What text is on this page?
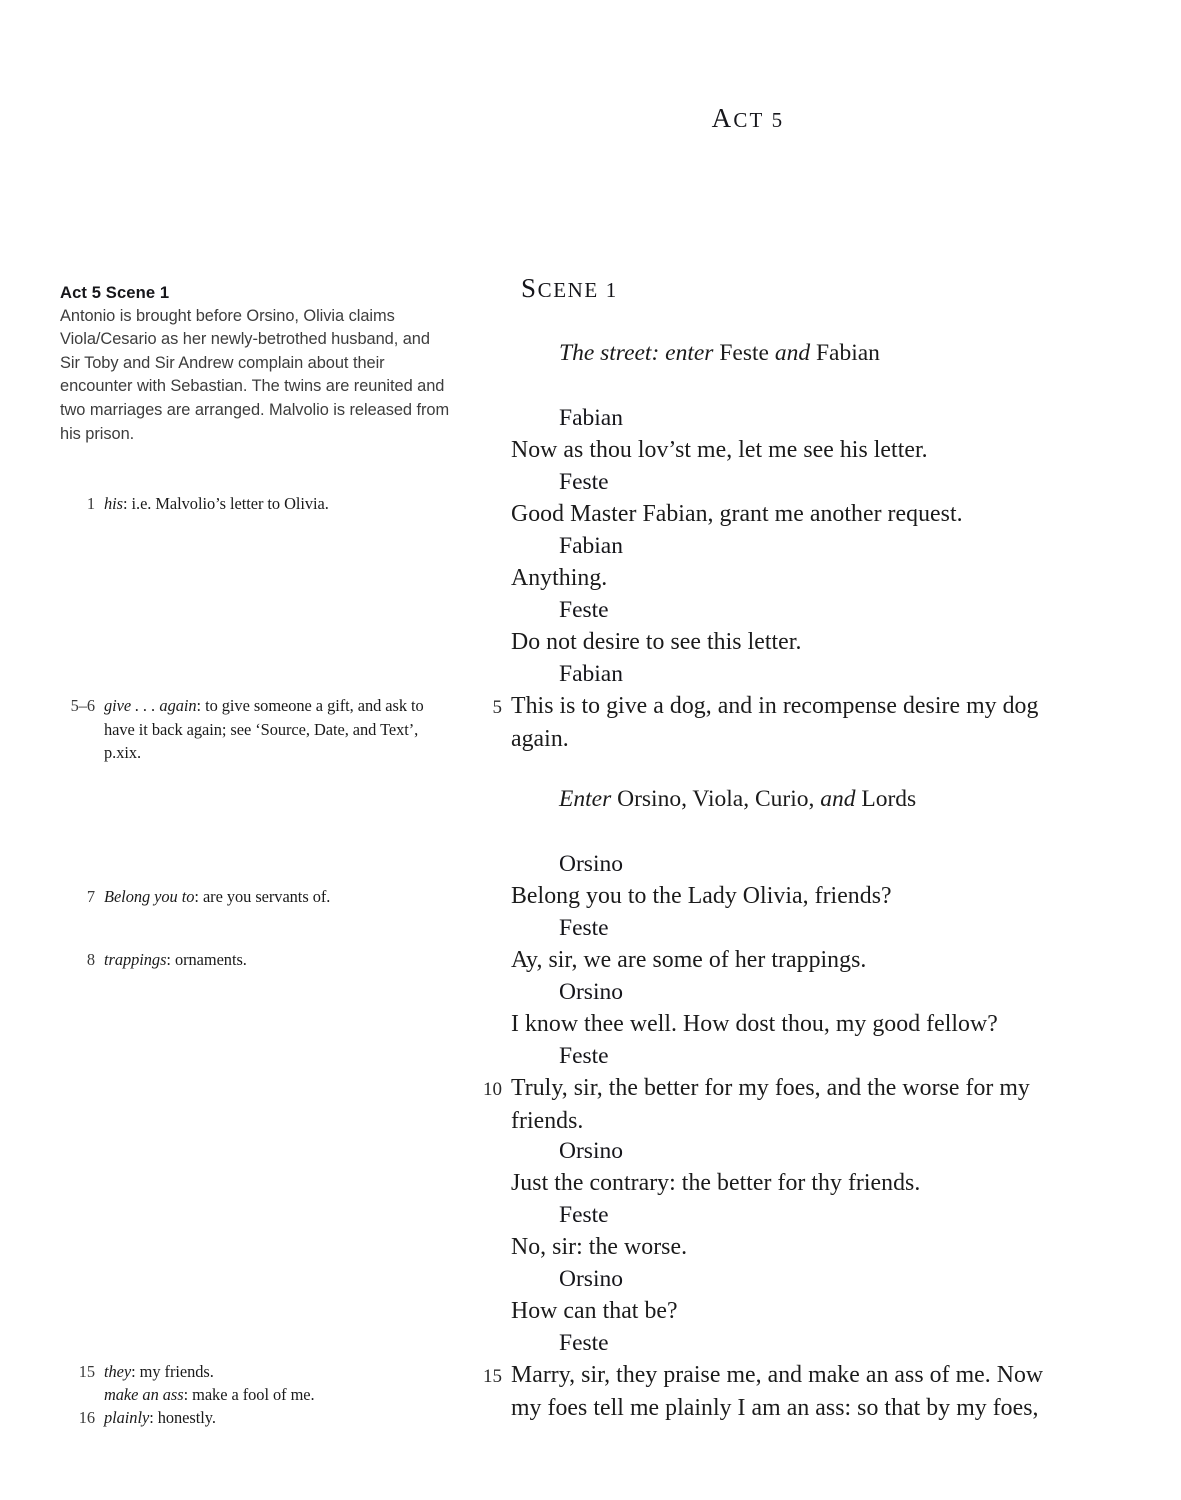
ACT 5
Act 5 Scene 1
Antonio is brought before Orsino, Olivia claims Viola/Cesario as her newly-betrothed husband, and Sir Toby and Sir Andrew complain about their encounter with Sebastian. The twins are reunited and two marriages are arranged. Malvolio is released from his prison.
1 his: i.e. Malvolio’s letter to Olivia.
5–6 give . . . again: to give someone a gift, and ask to have it back again; see ‘Source, Date, and Text’, p.xix.
7 Belong you to: are you servants of.
8 trappings: ornaments.
15 they: my friends.
make an ass: make a fool of me.
16 plainly: honestly.
SCENE 1
The street: enter Feste and Fabian
Enter Orsino, Viola, Curio, and Lords
Fabian
Now as thou lov’st me, let me see his letter.
Feste
Good Master Fabian, grant me another request.
Fabian
Anything.
Feste
Do not desire to see this letter.
Fabian
5 This is to give a dog, and in recompense desire my dog
again.
Orsino
Belong you to the Lady Olivia, friends?
Feste
Ay, sir, we are some of her trappings.
Orsino
I know thee well. How dost thou, my good fellow?
Feste
10 Truly, sir, the better for my foes, and the worse for my
friends.
Orsino
Just the contrary: the better for thy friends.
Feste
No, sir: the worse.
Orsino
How can that be?
Feste
15 Marry, sir, they praise me, and make an ass of me. Now
my foes tell me plainly I am an ass: so that by my foes,
